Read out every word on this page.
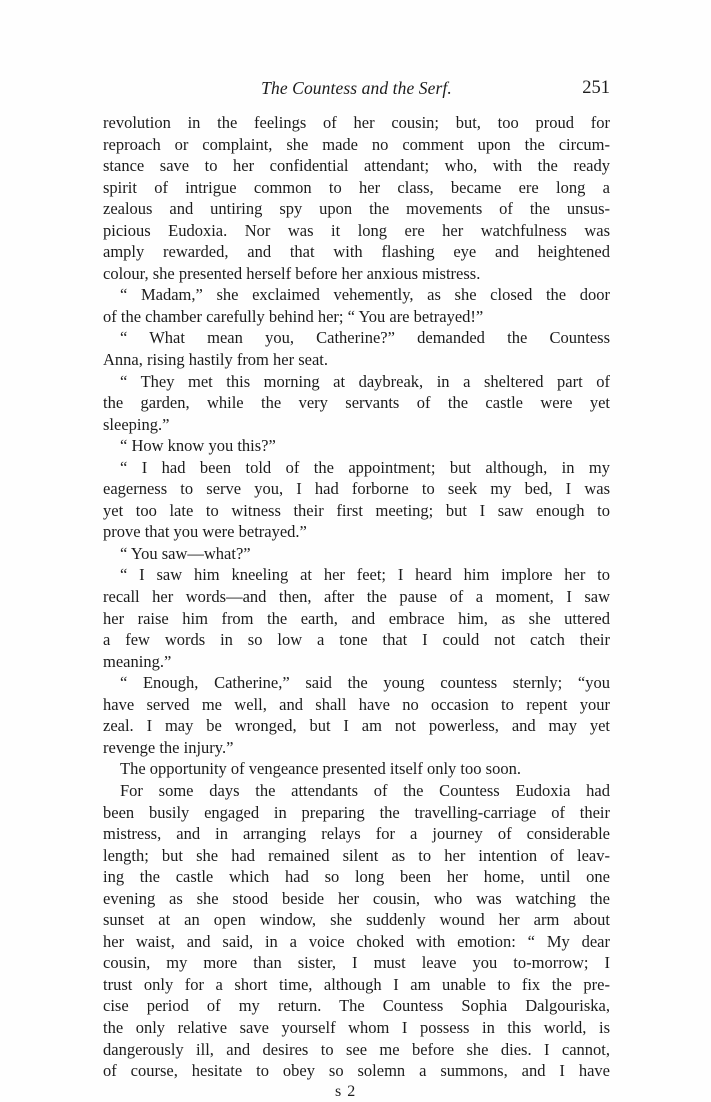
The Countess and the Serf.	251
revolution in the feelings of her cousin; but, too proud for
reproach or complaint, she made no comment upon the circum-
stance save to her confidential attendant; who, with the ready
spirit of intrigue common to her class, became ere long a
zealous and untiring spy upon the movements of the unsus-
picious Eudoxia. Nor was it long ere her watchfulness was
amply rewarded, and that with flashing eye and heightened
colour, she presented herself before her anxious mistress.
“ Madam,” she exclaimed vehemently, as she closed the door
of the chamber carefully behind her; “ You are betrayed!”
“ What mean you, Catherine?” demanded the Countess
Anna, rising hastily from her seat.
“ They met this morning at daybreak, in a sheltered part of
the garden, while the very servants of the castle were yet
sleeping.”
“ How know you this?”
“ I had been told of the appointment; but although, in my
eagerness to serve you, I had forborne to seek my bed, I was
yet too late to witness their first meeting; but I saw enough to
prove that you were betrayed.”
“ You saw—what?”
“ I saw him kneeling at her feet; I heard him implore her to
recall her words—and then, after the pause of a moment, I saw
her raise him from the earth, and embrace him, as she uttered
a few words in so low a tone that I could not catch their
meaning.”
“ Enough, Catherine,” said the young countess sternly; “you
have served me well, and shall have no occasion to repent your
zeal. I may be wronged, but I am not powerless, and may yet
revenge the injury.”
The opportunity of vengeance presented itself only too soon.
For some days the attendants of the Countess Eudoxia had
been busily engaged in preparing the travelling-carriage of their
mistress, and in arranging relays for a journey of considerable
length; but she had remained silent as to her intention of leav-
ing the castle which had so long been her home, until one
evening as she stood beside her cousin, who was watching the
sunset at an open window, she suddenly wound her arm about
her waist, and said, in a voice choked with emotion: “ My dear
cousin, my more than sister, I must leave you to-morrow; I
trust only for a short time, although I am unable to fix the pre-
cise period of my return. The Countess Sophia Dalgouriska,
the only relative save yourself whom I possess in this world, is
dangerously ill, and desires to see me before she dies. I cannot,
of course, hesitate to obey so solemn a summons, and I have
s 2
